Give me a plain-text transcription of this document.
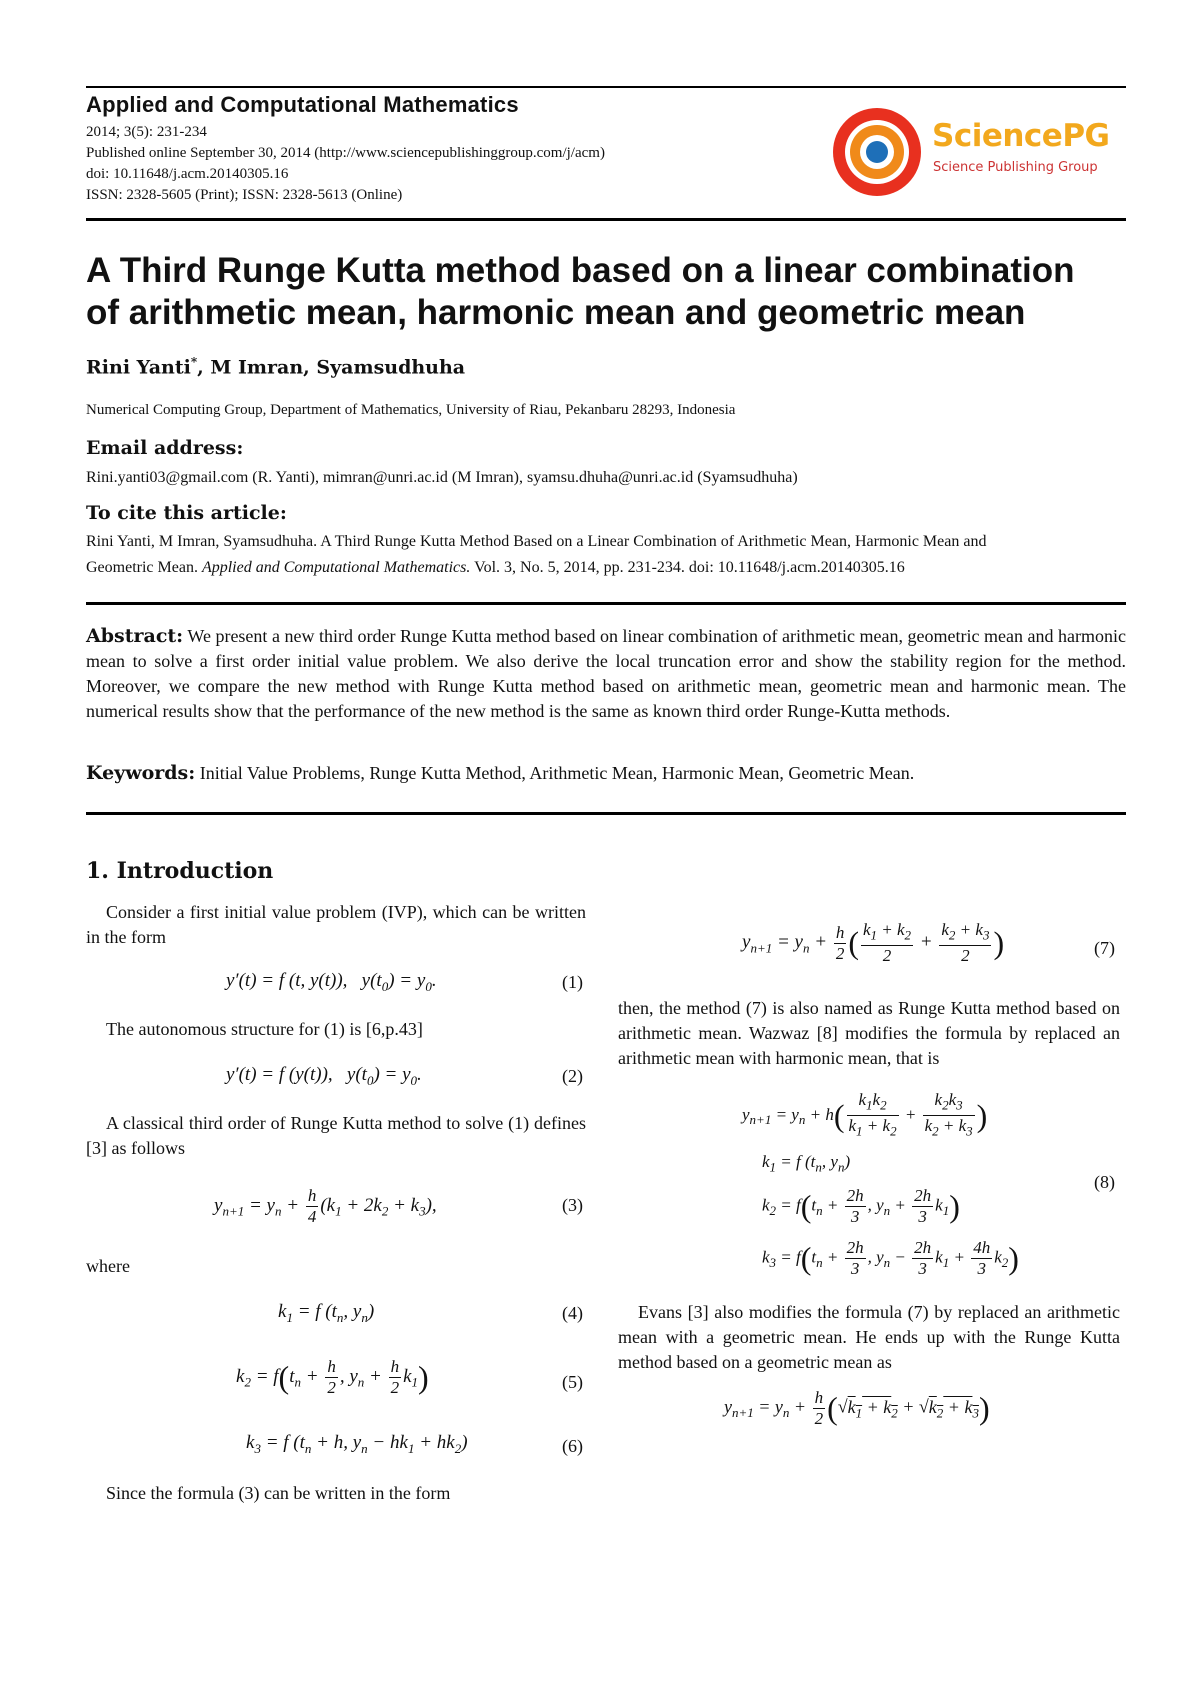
Applied and Computational Mathematics
2014; 3(5): 231-234
Published online September 30, 2014 (http://www.sciencepublishinggroup.com/j/acm)
doi: 10.11648/j.acm.20140305.16
ISSN: 2328-5605 (Print); ISSN: 2328-5613 (Online)
SciencePG
Science Publishing Group
A Third Runge Kutta method based on a linear combination
of arithmetic mean, harmonic mean and geometric mean
Rini Yanti*, M Imran, Syamsudhuha
Numerical Computing Group, Department of Mathematics, University of Riau, Pekanbaru 28293, Indonesia
Email address:
Rini.yanti03@gmail.com (R. Yanti), mimran@unri.ac.id (M Imran), syamsu.dhuha@unri.ac.id (Syamsudhuha)
To cite this article:
Rini Yanti, M Imran, Syamsudhuha. A Third Runge Kutta Method Based on a Linear Combination of Arithmetic Mean, Harmonic Mean and
Geometric Mean. Applied and Computational Mathematics. Vol. 3, No. 5, 2014, pp. 231-234. doi: 10.11648/j.acm.20140305.16
Abstract: We present a new third order Runge Kutta method based on linear combination of arithmetic mean, geometric mean and harmonic mean to solve a first order initial value problem. We also derive the local truncation error and show the stability region for the method. Moreover, we compare the new method with Runge Kutta method based on arithmetic mean, geometric mean and harmonic mean. The numerical results show that the performance of the new method is the same as known third order Runge-Kutta methods.
Keywords: Initial Value Problems, Runge Kutta Method, Arithmetic Mean, Harmonic Mean, Geometric Mean.
1. Introduction
Consider a first initial value problem (IVP), which can be written in the form
y′(t) = f (t, y(t)),   $y(t_0) = y_0$.	(1)
The autonomous structure for (1) is [6,p.43]
y′(t) = f (y(t)),   $y(t_0) = y_0$.	(2)
A classical third order of Runge Kutta method to solve (1) defines [3] as follows
$y_{n+1} = y_n + \frac{h}{4} (k_1 + 2k_2 + k_3)$,	(3)
where
$k_1 = f$ ($t_n$, $y_n$)	(4)
$k_2 = f(t_n + \frac{h}{2}$ , $y_n + \frac{h}{2} k_1$)	(5)
$k_3 = f$ ($t_n + h$, $y_n - hk_1 + hk_2$)	(6)
Since the formula (3) can be written in the form
$y_{n+1} = y_n + \frac{h}{2}$ ( $\frac{k_1 + k_2}{2} + \frac{k_2 + k_3}{2}$ )	(7)
then, the method (7) is also named as Runge Kutta method based on arithmetic mean. Wazwaz [8] modifies the formula by replaced an arithmetic mean with harmonic mean, that is
$y_{n+1} = y_n + h( \frac{k_1k_2}{k_1 + k_2} + \frac{k_2k_3}{k_2 + k_3}$ )
$k_1 = f$ ($t_n$, $y_n$)
$k_2 = f(t_n + \frac{2h}{3}$ , $y_n + \frac{2h}{3} k_1$)
$k_3 = f(t_n + \frac{2h}{3}$ , $y_n - \frac{2h}{3} k_1 + \frac{4h}{3} k_2$)
(8)
Evans [3] also modifies the formula (7) by replaced an arithmetic mean with a geometric mean. He ends up with the Runge Kutta method based on a geometric mean as
$y_{n+1} = y_n + \frac{h}{2} (√k_1 + k_2 + √k_2 + k_3)$
